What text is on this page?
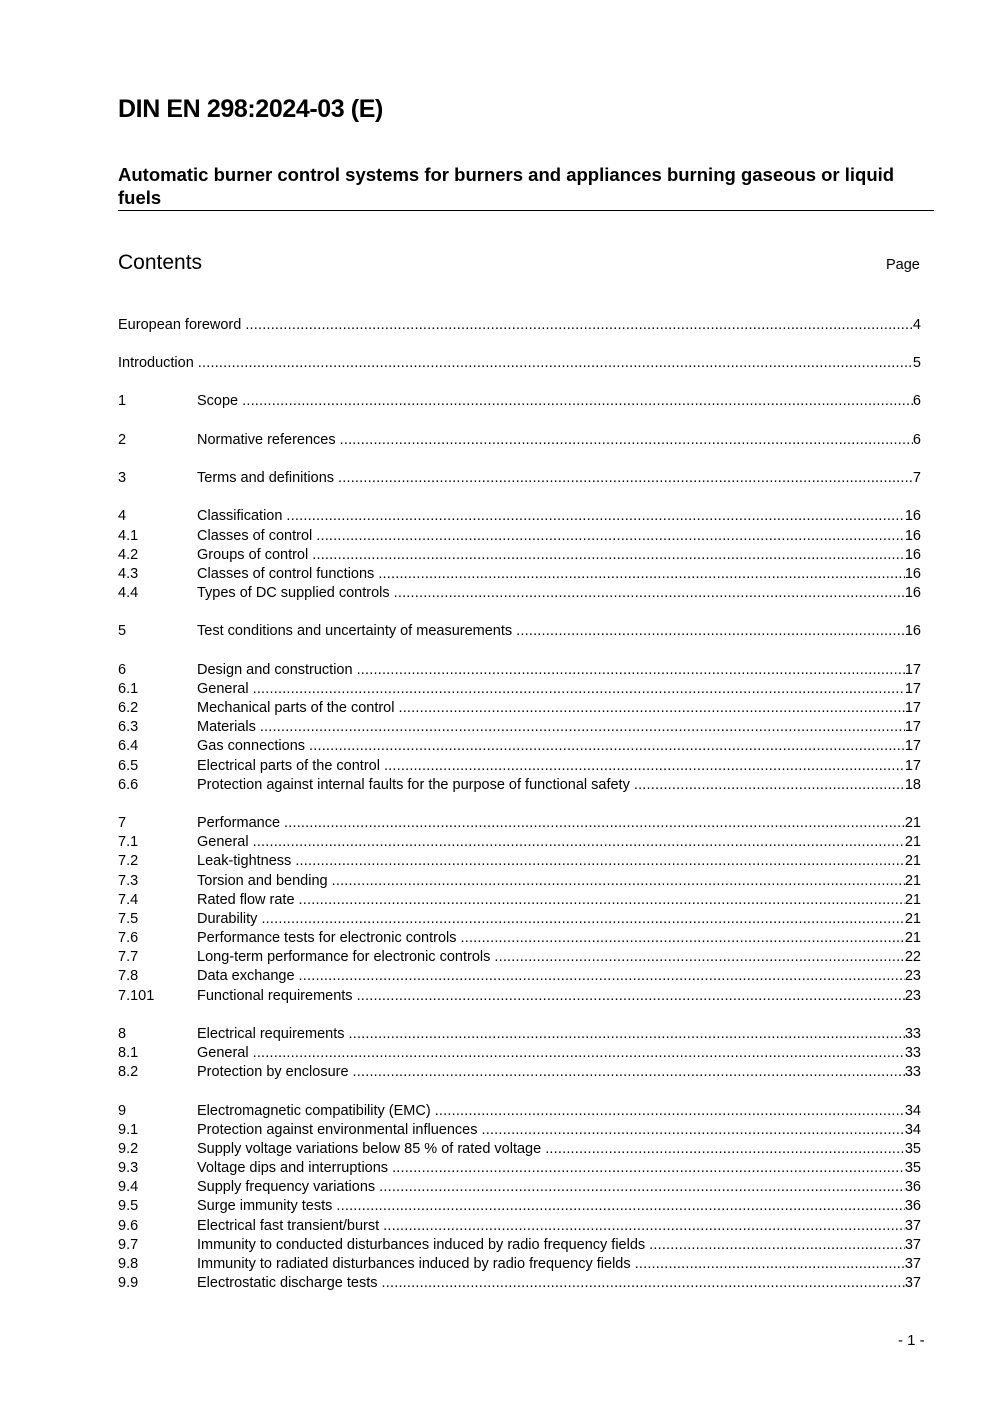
DIN EN 298:2024-03 (E)
Automatic burner control systems for burners and appliances burning gaseous or liquid fuels
Contents	Page
European foreword .....	4
Introduction .....	5
1	Scope .....	6
2	Normative references .....	6
3	Terms and definitions .....	7
4	Classification .....	16
4.1	Classes of control .....	16
4.2	Groups of control .....	16
4.3	Classes of control functions .....	16
4.4	Types of DC supplied controls .....	16
5	Test conditions and uncertainty of measurements .....	16
6	Design and construction .....	17
6.1	General .....	17
6.2	Mechanical parts of the control .....	17
6.3	Materials .....	17
6.4	Gas connections .....	17
6.5	Electrical parts of the control .....	17
6.6	Protection against internal faults for the purpose of functional safety .....	18
7	Performance .....	21
7.1	General .....	21
7.2	Leak-tightness .....	21
7.3	Torsion and bending .....	21
7.4	Rated flow rate .....	21
7.5	Durability .....	21
7.6	Performance tests for electronic controls .....	21
7.7	Long-term performance for electronic controls .....	22
7.8	Data exchange .....	23
7.101	Functional requirements .....	23
8	Electrical requirements .....	33
8.1	General .....	33
8.2	Protection by enclosure .....	33
9	Electromagnetic compatibility (EMC) .....	34
9.1	Protection against environmental influences .....	34
9.2	Supply voltage variations below 85 % of rated voltage .....	35
9.3	Voltage dips and interruptions .....	35
9.4	Supply frequency variations .....	36
9.5	Surge immunity tests .....	36
9.6	Electrical fast transient/burst .....	37
9.7	Immunity to conducted disturbances induced by radio frequency fields .....	37
9.8	Immunity to radiated disturbances induced by radio frequency fields .....	37
9.9	Electrostatic discharge tests .....	37
- 1 -
